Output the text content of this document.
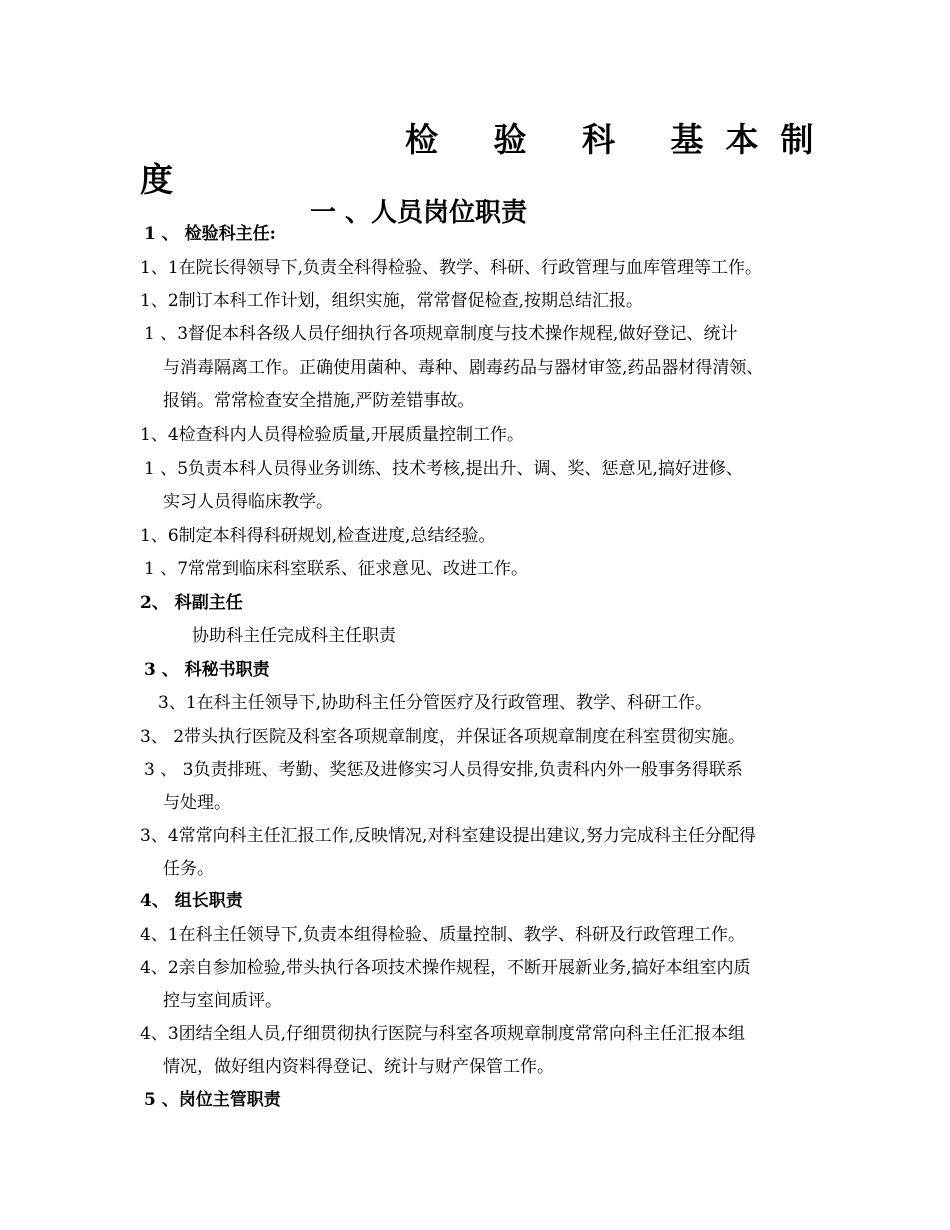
检 验 科 基本制
度
一 、人员岗位职责
1 、 检验科主任:
1、1在院长得领导下,负责全科得检验、教学、科研、行政管理与血库管理等工作。
1、2制订本科工作计划，组织实施，常常督促检查,按期总结汇报。
1 、3督促本科各级人员仔细执行各项规章制度与技术操作规程,做好登记、统计
与消毒隔离工作。正确使用菌种、毒种、剧毒药品与器材审签,药品器材得清领、
报销。常常检查安全措施,严防差错事故。
1、4检查科内人员得检验质量,开展质量控制工作。
1 、5负责本科人员得业务训练、技术考核,提出升、调、奖、惩意见,搞好进修、
实习人员得临床教学。
1、6制定本科得科研规划,检查进度,总结经验。
1 、7常常到临床科室联系、征求意见、改进工作。
2、 科副主任
协助科主任完成科主任职责
3 、 科秘书职责
3、1在科主任领导下,协助科主任分管医疗及行政管理、教学、科研工作。
3、 2带头执行医院及科室各项规章制度，并保证各项规章制度在科室贯彻实施。
3 、 3负责排班、考勤、奖惩及进修实习人员得安排,负责科内外一般事务得联系
与处理。
3、4常常向科主任汇报工作,反映情况,对科室建设提出建议,努力完成科主任分配得
任务。
4、 组长职责
4、1在科主任领导下,负责本组得检验、质量控制、教学、科研及行政管理工作。
4、2亲自参加检验,带头执行各项技术操作规程，不断开展新业务,搞好本组室内质
控与室间质评。
4、3团结全组人员,仔细贯彻执行医院与科室各项规章制度常常向科主任汇报本组
情况，做好组内资料得登记、统计与财产保管工作。
5 、岗位主管职责
